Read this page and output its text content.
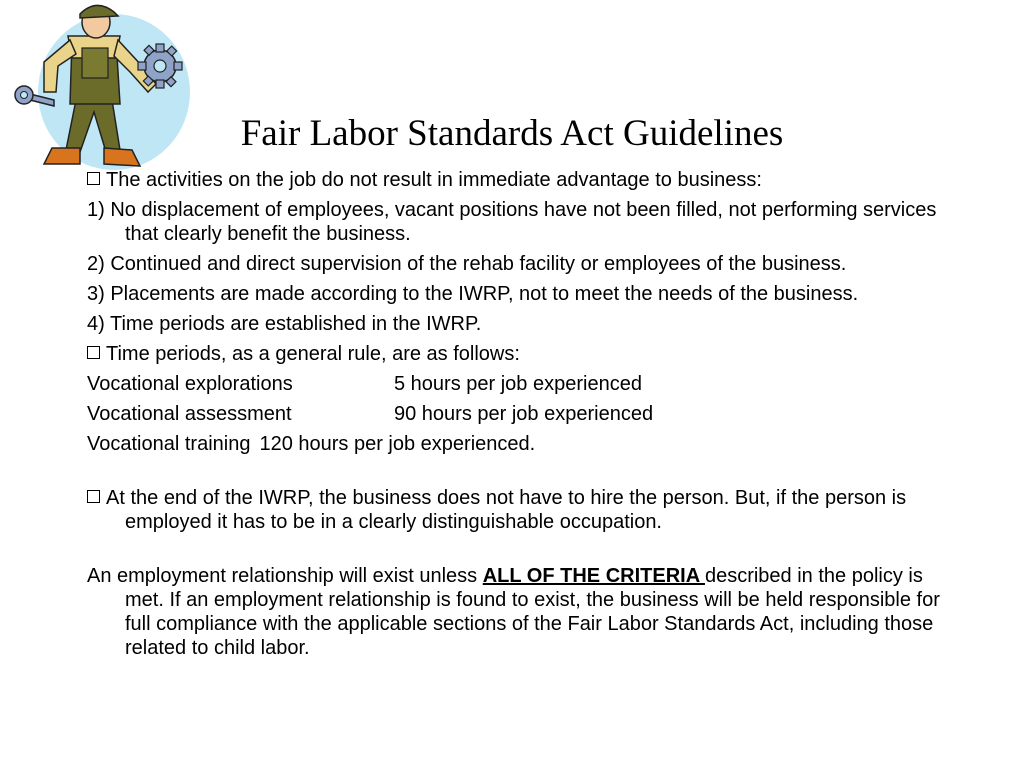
Fair Labor Standards Act Guidelines

The activities on the job do not result in immediate advantage to business:

1) No displacement of employees, vacant positions have not been filled, not performing services that clearly benefit the business.

2) Continued and direct supervision of the rehab facility or employees of the business.

3) Placements are made according to the IWRP, not to meet the needs of the business.

4) Time periods are established in the IWRP.

Time periods, as a general rule, are as follows:

Vocational explorations	5 hours per job experienced
Vocational assessment	90 hours per job experienced
Vocational training 120 hours per job experienced.

At the end of the IWRP, the business does not have to hire the person. But, if the person is employed it has to be in a clearly distinguishable occupation.

An employment relationship will exist unless ALL OF THE CRITERIA described in the policy is met. If an employment relationship is found to exist, the business will be held responsible for full compliance with the applicable sections of the Fair Labor Standards Act, including those related to child labor.
